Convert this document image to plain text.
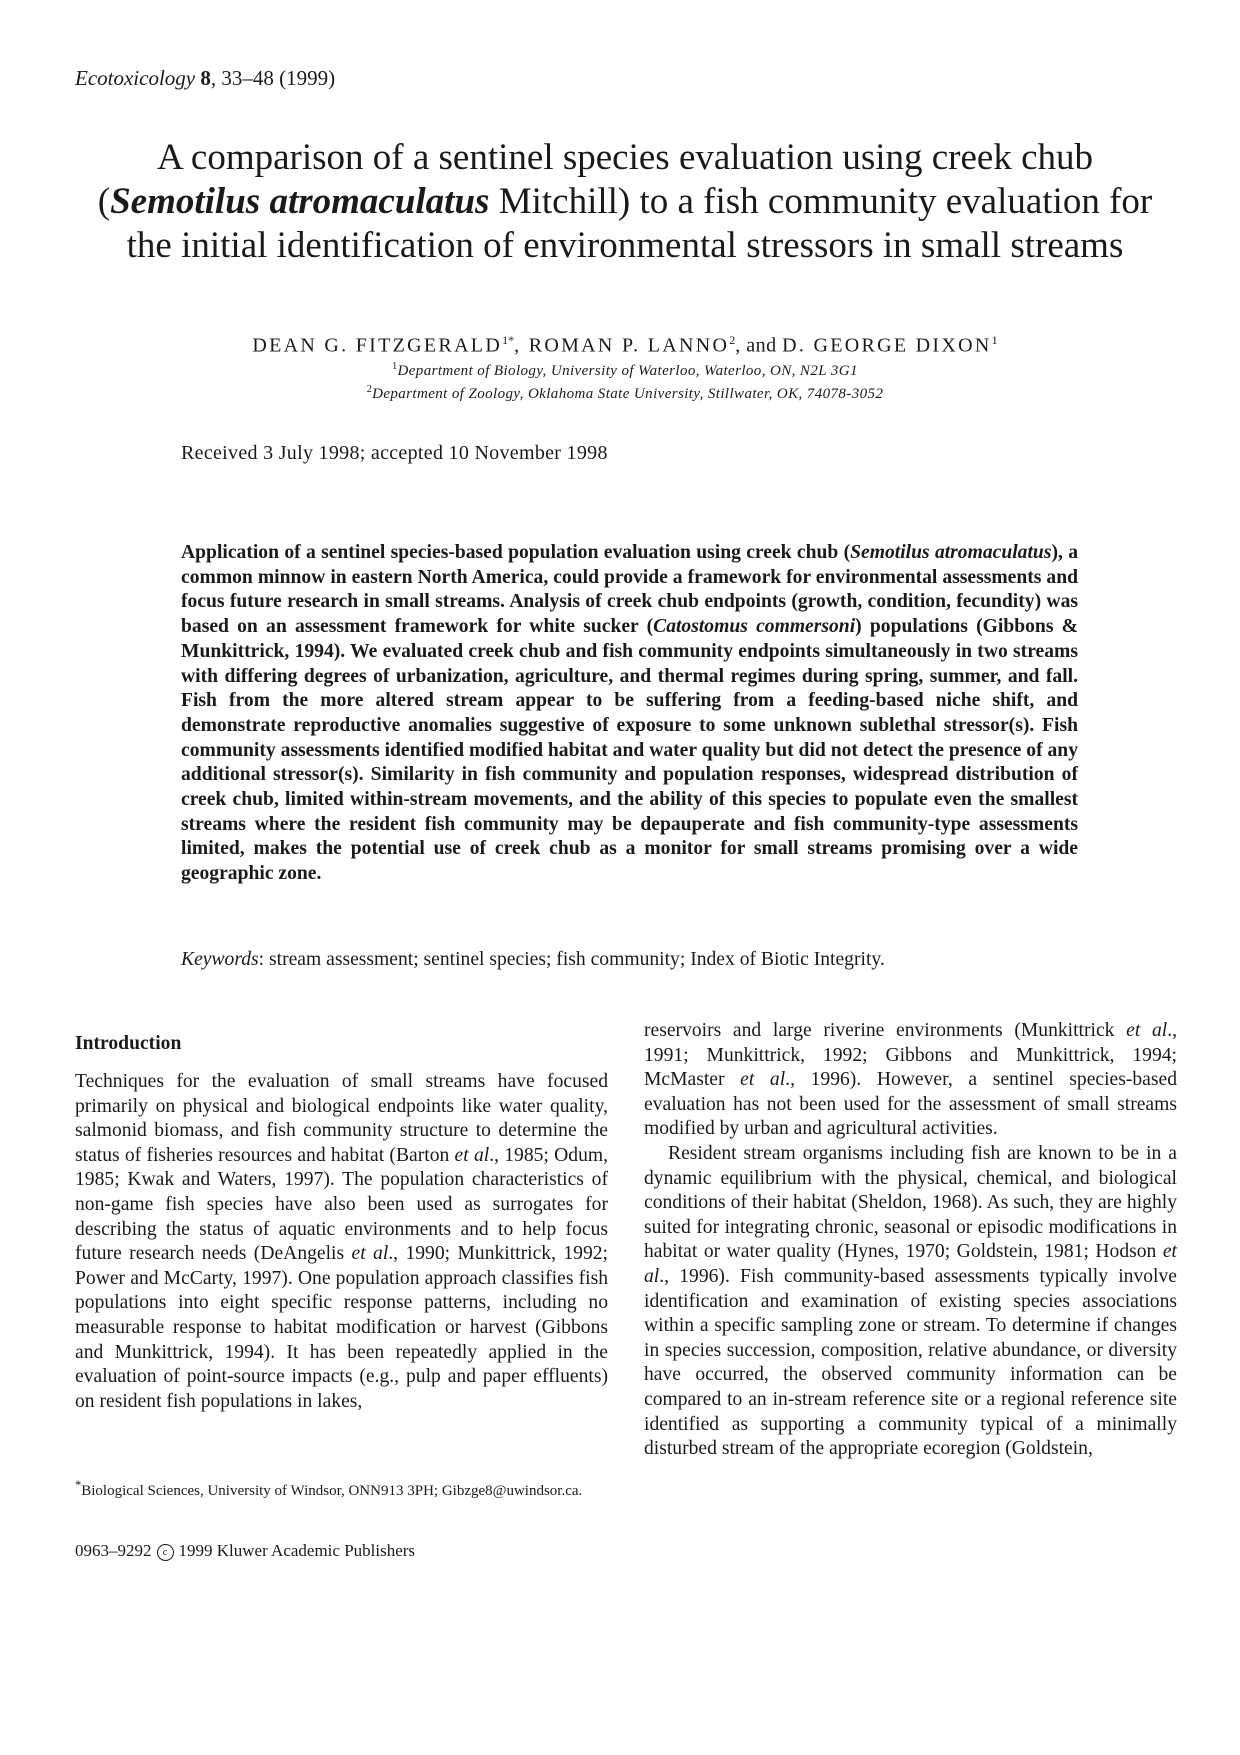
Ecotoxicology 8, 33–48 (1999)
A comparison of a sentinel species evaluation using creek chub (Semotilus atromaculatus Mitchill) to a fish community evaluation for the initial identification of environmental stressors in small streams
DEAN G. $FITZGERALD^{1*}$, ROMAN P. LANNO$^2$, and D. GEORGE DIXON$^1$
$^1$Department of Biology, University of Waterloo, Waterloo, ON, N2L 3G1
$^2$Department of Zoology, Oklahoma State University, Stillwater, OK, 74078-3052
Received 3 July 1998; accepted 10 November 1998
Application of a sentinel species-based population evaluation using creek chub (Semotilus atromaculatus), a common minnow in eastern North America, could provide a framework for environmental assessments and focus future research in small streams. Analysis of creek chub endpoints (growth, condition, fecundity) was based on an assessment framework for white sucker (Catostomus commersoni) populations (Gibbons & Munkittrick, 1994). We evaluated creek chub and fish community endpoints simultaneously in two streams with differing degrees of urbanization, agriculture, and thermal regimes during spring, summer, and fall. Fish from the more altered stream appear to be suffering from a feeding-based niche shift, and demonstrate reproductive anomalies suggestive of exposure to some unknown sublethal stressor(s). Fish community assessments identified modified habitat and water quality but did not detect the presence of any additional stressor(s). Similarity in fish community and population responses, widespread distribution of creek chub, limited within-stream movements, and the ability of this species to populate even the smallest streams where the resident fish community may be depauperate and fish community-type assessments limited, makes the potential use of creek chub as a monitor for small streams promising over a wide geographic zone.
Keywords: stream assessment; sentinel species; fish community; Index of Biotic Integrity.
Introduction

Techniques for the evaluation of small streams have focused primarily on physical and biological endpoints like water quality, salmonid biomass, and fish community structure to determine the status of fisheries resources and habitat (Barton et al., 1985; Odum, 1985; Kwak and Waters, 1997). The population characteristics of non-game fish species have also been used as surrogates for describing the status of aquatic environments and to help focus future research needs (DeAngelis et al., 1990; Munkittrick, 1992; Power and McCarty, 1997). One population approach classifies fish populations into eight specific response patterns, including no measurable response to habitat modification or harvest (Gibbons and Munkittrick, 1994). It has been repeatedly applied in the evaluation of point-source impacts (e.g., pulp and paper effluents) on resident fish populations in lakes,

reservoirs and large riverine environments (Munkittrick et al., 1991; Munkittrick, 1992; Gibbons and Munkittrick, 1994; McMaster et al., 1996). However, a sentinel species-based evaluation has not been used for the assessment of small streams modified by urban and agricultural activities.

Resident stream organisms including fish are known to be in a dynamic equilibrium with the physical, chemical, and biological conditions of their habitat (Sheldon, 1968). As such, they are highly suited for integrating chronic, seasonal or episodic modifications in habitat or water quality (Hynes, 1970; Goldstein, 1981; Hodson et al., 1996). Fish community-based assessments typically involve identification and examination of existing species associations within a specific sampling zone or stream. To determine if changes in species succession, composition, relative abundance, or diversity have occurred, the observed community information can be compared to an in-stream reference site or a regional reference site identified as supporting a community typical of a minimally disturbed stream of the appropriate ecoregion (Goldstein,

*Biological Sciences, University of Windsor, ONN913 3PH; Gibzge8@uwindsor.ca.
0963–9292 c 1999 Kluwer Academic Publishers
